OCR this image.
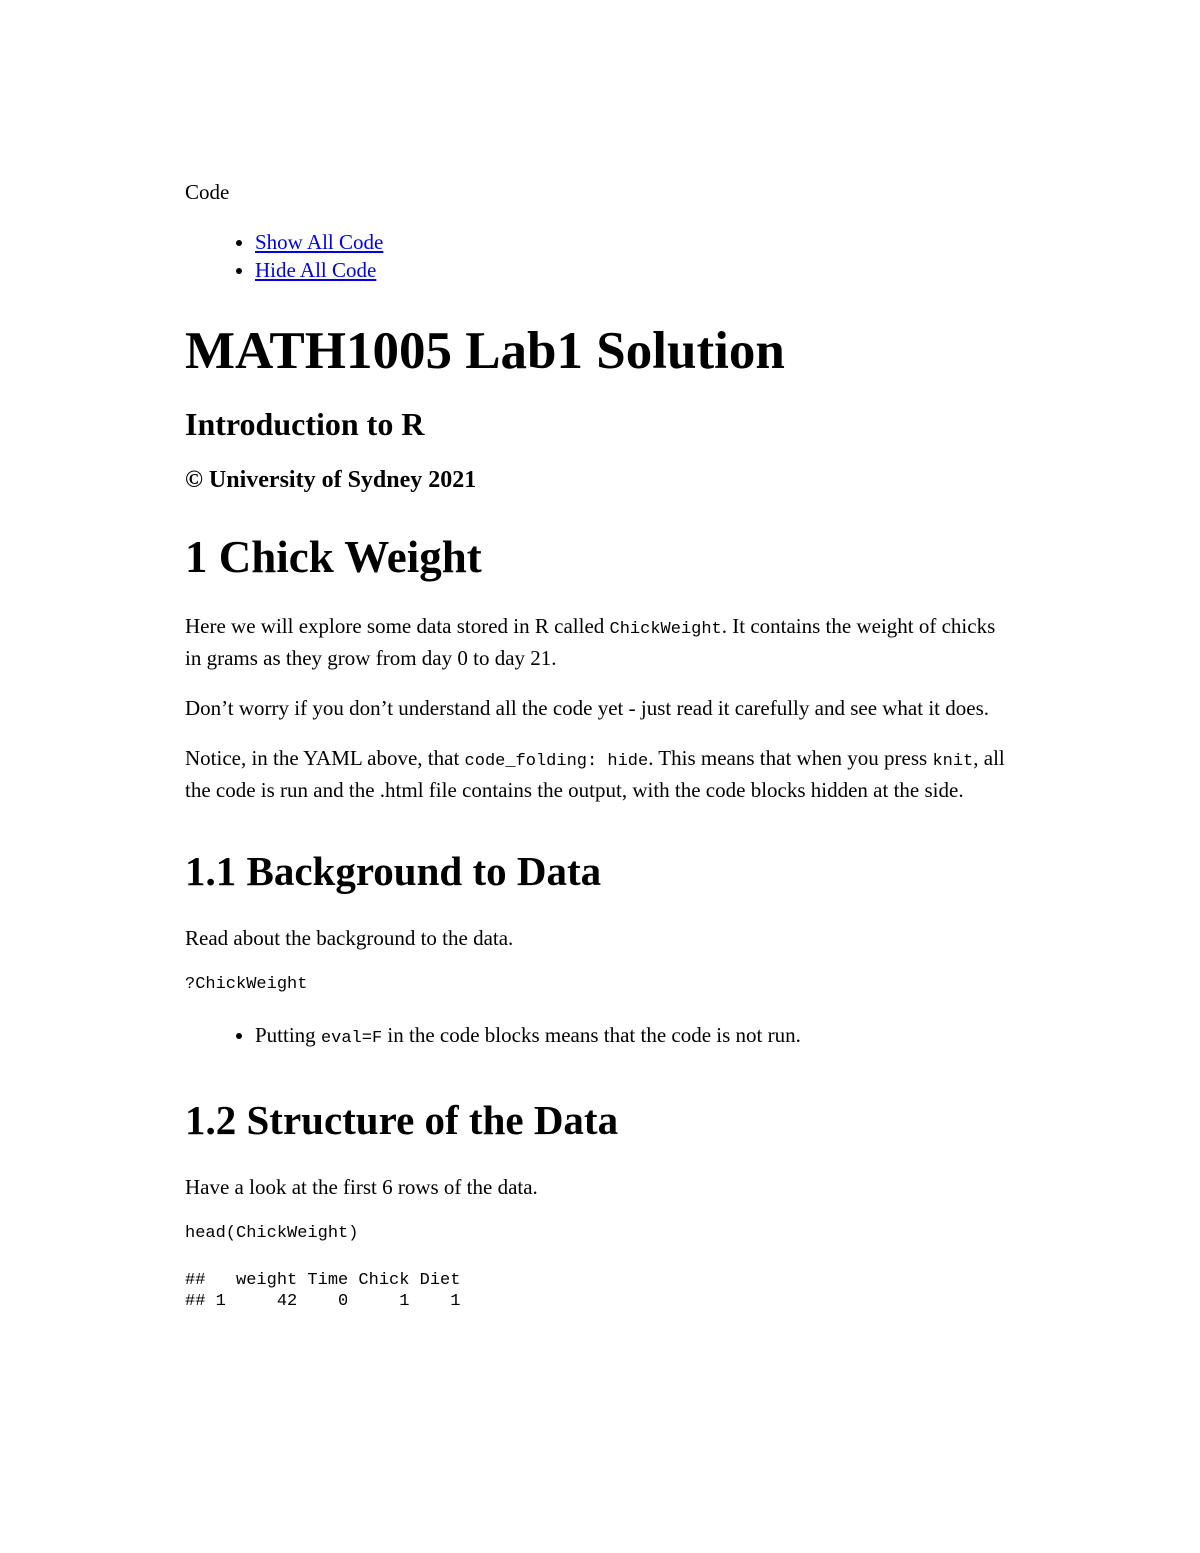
Code
• Show All Code
• Hide All Code
MATH1005 Lab1 Solution
Introduction to R
© University of Sydney 2021
1 Chick Weight

Here we will explore some data stored in R called ChickWeight. It contains the weight of chicks in grams as they grow from day 0 to day 21.

Don’t worry if you don’t understand all the code yet - just read it carefully and see what it does.

Notice, in the YAML above, that code_folding: hide. This means that when you press knit, all the code is run and the .html file contains the output, with the code blocks hidden at the side.

1.1 Background to Data

Read about the background to the data.

?ChickWeight
• Putting eval=F in the code blocks means that the code is not run.
1.2 Structure of the Data

Have a look at the first 6 rows of the data.

head(ChickWeight)
##   weight Time Chick Diet
## 1     42    0     1    1
